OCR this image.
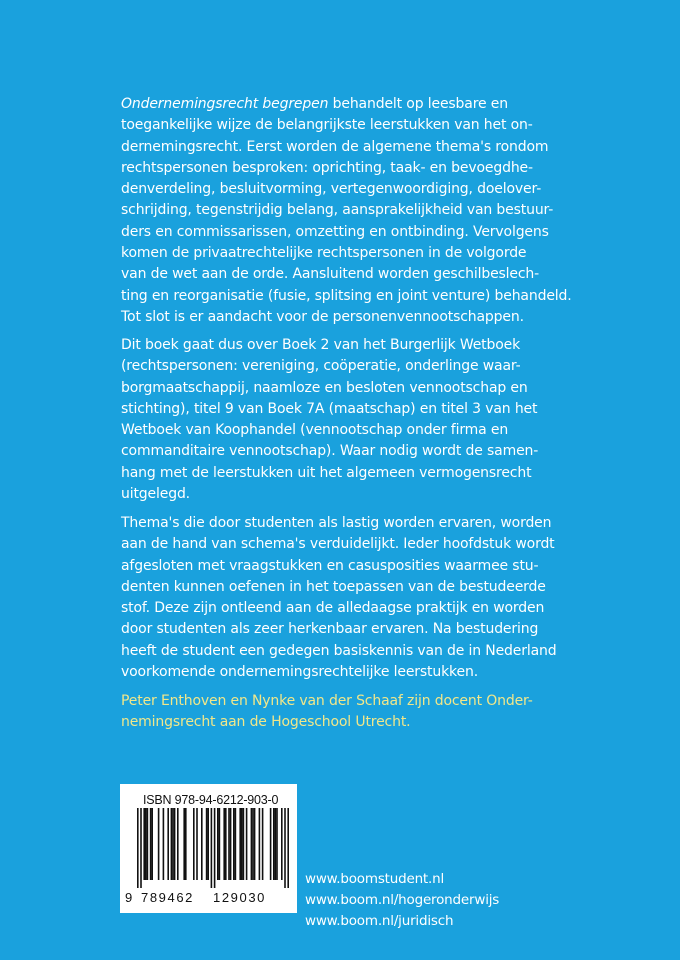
Ondernemingsrecht begrepen behandelt op leesbare en
toegankelijke wijze de belangrijkste leerstukken van het on-
dernemingsrecht. Eerst worden de algemene thema's rondom
rechtspersonen besproken: oprichting, taak- en bevoegdhe-
denverdeling, besluitvorming, vertegenwoordiging, doelover-
schrijding, tegenstrijdig belang, aansprakelijkheid van bestuur-
ders en commissarissen, omzetting en ontbinding. Vervolgens
komen de privaatrechtelijke rechtspersonen in de volgorde
van de wet aan de orde. Aansluitend worden geschilbeslech-
ting en reorganisatie (fusie, splitsing en joint venture) behandeld.
Tot slot is er aandacht voor de personenvennootschappen.

Dit boek gaat dus over Boek 2 van het Burgerlijk Wetboek
(rechtspersonen: vereniging, coöperatie, onderlinge waar-
borgmaatschappij, naamloze en besloten vennootschap en
stichting), titel 9 van Boek 7A (maatschap) en titel 3 van het
Wetboek van Koophandel (vennootschap onder firma en
commanditaire vennootschap). Waar nodig wordt de samen-
hang met de leerstukken uit het algemeen vermogensrecht
uitgelegd.

Thema's die door studenten als lastig worden ervaren, worden
aan de hand van schema's verduidelijkt. Ieder hoofdstuk wordt
afgesloten met vraagstukken en casusposities waarmee stu-
denten kunnen oefenen in het toepassen van de bestudeerde
stof. Deze zijn ontleend aan de alledaagse praktijk en worden
door studenten als zeer herkenbaar ervaren. Na bestudering
heeft de student een gedegen basiskennis van de in Nederland
voorkomende ondernemingsrechtelijke leerstukken.

Peter Enthoven en Nynke van der Schaaf zijn docent Onder-
nemingsrecht aan de Hogeschool Utrecht.

ISBN 978-94-6212-903-0
9 789462 129030
www.boomstudent.nl
www.boom.nl/hogeronderwijs
www.boom.nl/juridisch
